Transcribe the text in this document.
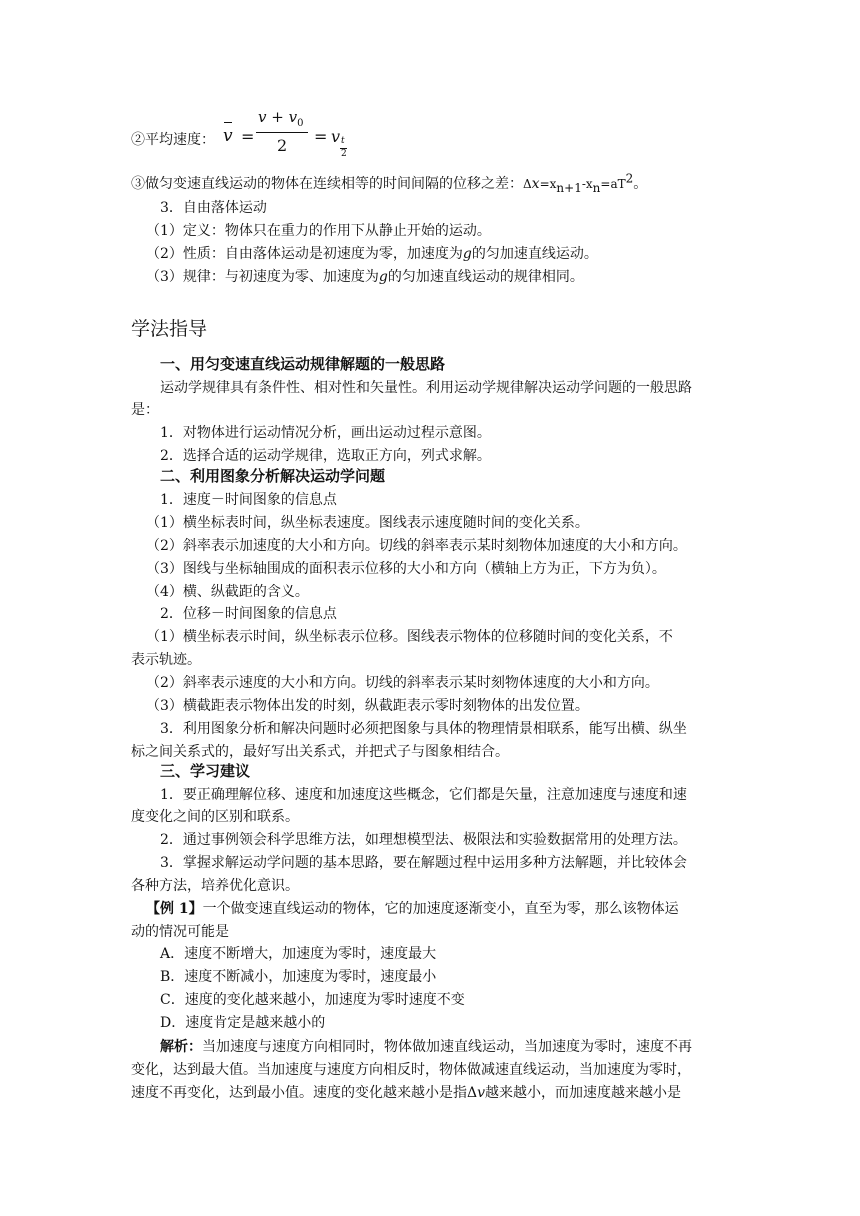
②平均速度： v =
$v + v_0$
2 = v t
2
③做匀变速直线运动的物体在连续相等的时间间隔的位移之差：$\Delta x=x_{n+1}-x_n=aT^2$。
3．自由落体运动
（1）定义：物体只在重力的作用下从静止开始的运动。
（2）性质：自由落体运动是初速度为零，加速度为g的匀加速直线运动。
（3）规律：与初速度为零、加速度为g的匀加速直线运动的规律相同。
学法指导
一、用匀变速直线运动规律解题的一般思路
运动学规律具有条件性、相对性和矢量性。利用运动学规律解决运动学问题的一般思路
是：
1．对物体进行运动情况分析，画出运动过程示意图。
2．选择合适的运动学规律，选取正方向，列式求解。
二、利用图象分析解决运动学问题
1．速度－时间图象的信息点
（1）横坐标表时间，纵坐标表速度。图线表示速度随时间的变化关系。
（2）斜率表示加速度的大小和方向。切线的斜率表示某时刻物体加速度的大小和方向。
（3）图线与坐标轴围成的面积表示位移的大小和方向（横轴上方为正，下方为负）。
（4）横、纵截距的含义。
2．位移－时间图象的信息点
（1）横坐标表示时间，纵坐标表示位移。图线表示物体的位移随时间的变化关系，不
表示轨迹。
（2）斜率表示速度的大小和方向。切线的斜率表示某时刻物体速度的大小和方向。
（3）横截距表示物体出发的时刻，纵截距表示零时刻物体的出发位置。
3．利用图象分析和解决问题时必须把图象与具体的物理情景相联系，能写出横、纵坐
标之间关系式的，最好写出关系式，并把式子与图象相结合。
三、学习建议
1．要正确理解位移、速度和加速度这些概念，它们都是矢量，注意加速度与速度和速
度变化之间的区别和联系。
2．通过事例领会科学思维方法，如理想模型法、极限法和实验数据常用的处理方法。
3．掌握求解运动学问题的基本思路，要在解题过程中运用多种方法解题，并比较体会
各种方法，培养优化意识。
【例 1】一个做变速直线运动的物体，它的加速度逐渐变小，直至为零，那么该物体运
动的情况可能是
A．速度不断增大，加速度为零时，速度最大
B．速度不断减小，加速度为零时，速度最小
C．速度的变化越来越小，加速度为零时速度不变
D．速度肯定是越来越小的
解析：当加速度与速度方向相同时，物体做加速直线运动，当加速度为零时，速度不再
变化，达到最大值。当加速度与速度方向相反时，物体做减速直线运动，当加速度为零时，
速度不再变化，达到最小值。速度的变化越来越小是指Δv越来越小，而加速度越来越小是
